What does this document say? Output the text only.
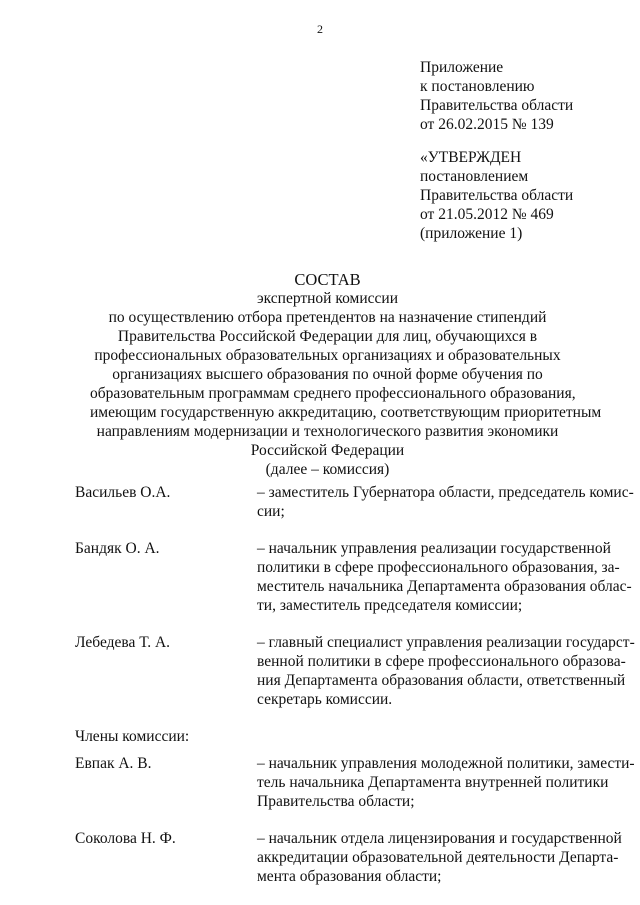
2
Приложение
к постановлению
Правительства области
от 26.02.2015 № 139
«УТВЕРЖДЕН
постановлением
Правительства области
от 21.05.2012 № 469
(приложение 1)
СОСТАВ
экспертной комиссии
по осуществлению отбора претендентов на назначение стипендий
Правительства Российской Федерации для лиц, обучающихся в
профессиональных образовательных организациях и образовательных
организациях высшего образования по очной форме обучения по
образовательным программам среднего профессионального образования,
имеющим государственную аккредитацию, соответствующим приоритетным
направлениям модернизации и технологического развития экономики
Российской Федерации
(далее – комиссия)
Васильев О.А.	– заместитель Губернатора области, председатель комис-
сии;
Бандяк О. А.	– начальник управления реализации государственной
политики в сфере профессионального образования, за-
меститель начальника Департамента образования облас-
ти, заместитель председателя комиссии;
Лебедева Т. А.	– главный специалист управления реализации государст-
венной политики в сфере профессионального образова-
ния Департамента образования области, ответственный
секретарь комиссии.
Члены комиссии:
Евпак А. В.	– начальник управления молодежной политики, замести-
тель начальника Департамента внутренней политики
Правительства области;
Соколова Н. Ф.	– начальник отдела лицензирования и государственной
аккредитации образовательной деятельности Департа-
мента образования области;
